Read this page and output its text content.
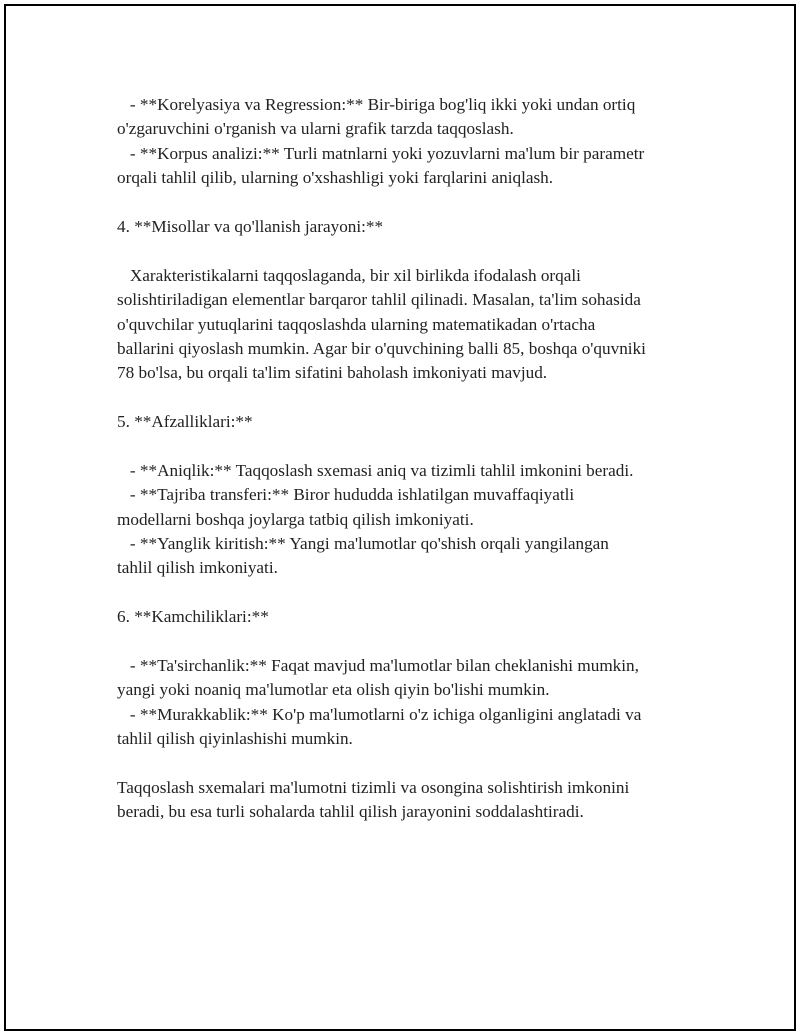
- **Korelyasiya va Regression:** Bir-biriga bog'liq ikki yoki undan ortiq
o'zgaruvchini o'rganish va ularni grafik tarzda taqqoslash.
- **Korpus analizi:** Turli matnlarni yoki yozuvlarni ma'lum bir parametr
orqali tahlil qilib, ularning o'xshashligi yoki farqlarini aniqlash.
4. **Misollar va qo'llanish jarayoni:**
Xarakteristikalarni taqqoslaganda, bir xil birlikda ifodalash orqali
solishtiriladigan elementlar barqaror tahlil qilinadi. Masalan, ta'lim sohasida
o'quvchilar yutuqlarini taqqoslashda ularning matematikadan o'rtacha
ballarini qiyoslash mumkin. Agar bir o'quvchining balli 85, boshqa o'quvniki
78 bo'lsa, bu orqali ta'lim sifatini baholash imkoniyati mavjud.
5. **Afzalliklari:**
- **Aniqlik:** Taqqoslash sxemasi aniq va tizimli tahlil imkonini beradi.
- **Tajriba transferi:** Biror hududda ishlatilgan muvaffaqiyatli
modellarni boshqa joylarga tatbiq qilish imkoniyati.
- **Yanglik kiritish:** Yangi ma'lumotlar qo'shish orqali yangilangan
tahlil qilish imkoniyati.
6. **Kamchiliklari:**
- **Ta'sirchanlik:** Faqat mavjud ma'lumotlar bilan cheklanishi mumkin,
yangi yoki noaniq ma'lumotlar eta olish qiyin bo'lishi mumkin.
- **Murakkablik:** Ko'p ma'lumotlarni o'z ichiga olganligini anglatadi va
tahlil qilish qiyinlashishi mumkin.
Taqqoslash sxemalari ma'lumotni tizimli va osongina solishtirish imkonini
beradi, bu esa turli sohalarda tahlil qilish jarayonini soddalashtiradi.
